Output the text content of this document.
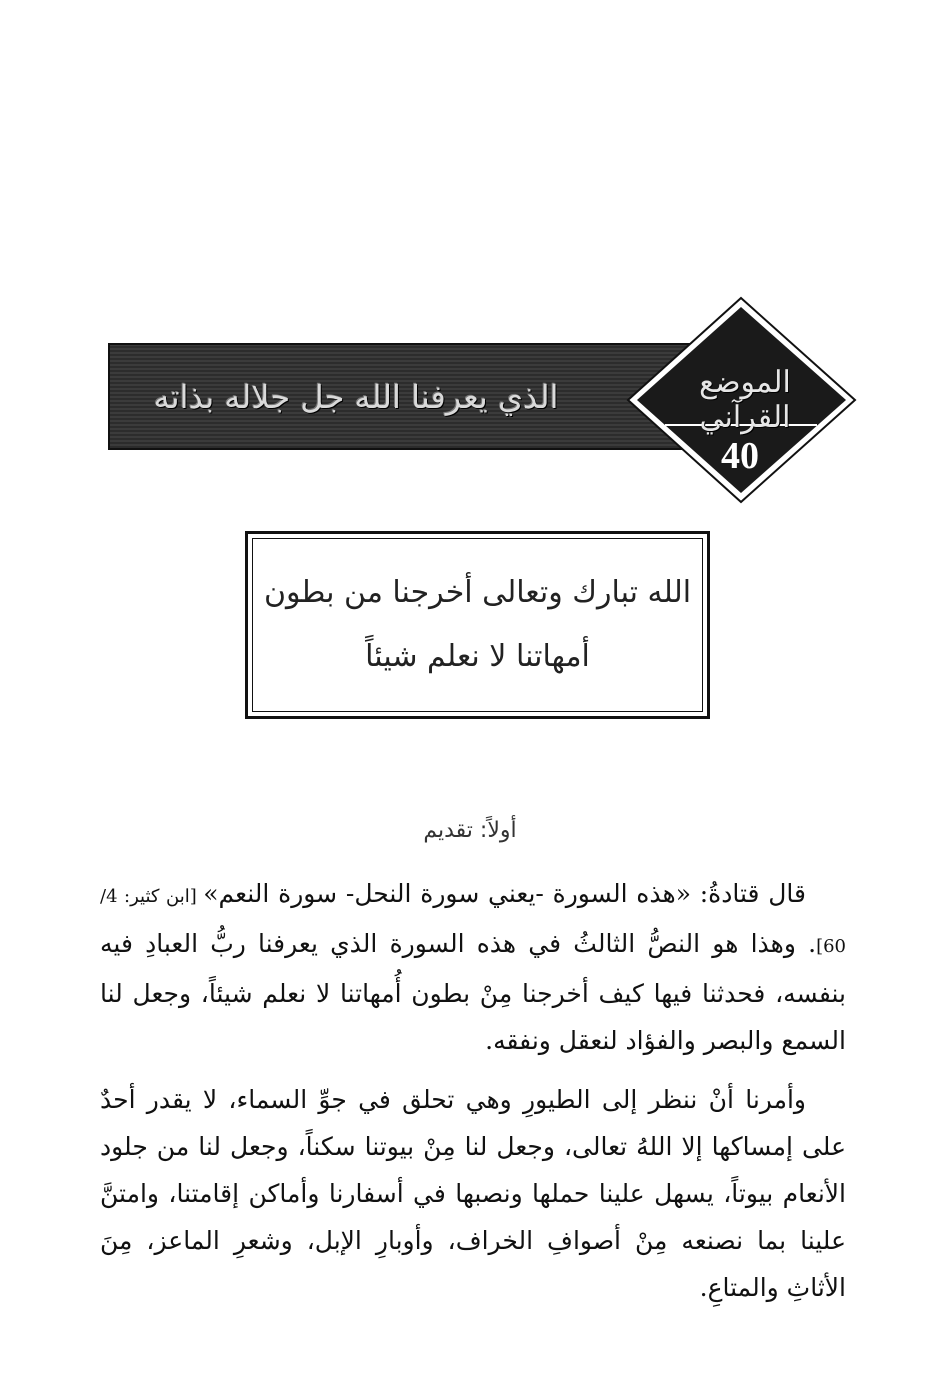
الذي يعرفنا الله جل جلاله بذاته	الموضع القرآني
40
الله تبارك وتعالى أخرجنا من بطون
أمهاتنا لا نعلم شيئاً
أولاً: تقديم

قال قتادةُ: «هذه السورة -يعني سورة النحل- سورة النعم» [ابن كثير: 4/ 60]. وهذا هو النصُّ الثالثُ في هذه السورة الذي يعرفنا ربُّ العبادِ فيه بنفسه، فحدثنا فيها كيف أخرجنا مِنْ بطون أُمهاتنا لا نعلم شيئاً، وجعل لنا السمع والبصر والفؤاد لنعقل ونفقه.

وأمرنا أنْ ننظر إلى الطيورِ وهي تحلق في جوِّ السماء، لا يقدر أحدٌ على إمساكها إلا اللهُ تعالى، وجعل لنا مِنْ بيوتنا سكناً، وجعل لنا من جلود الأنعام بيوتاً، يسهل علينا حملها ونصبها في أسفارنا وأماكن إقامتنا، وامتنَّ علينا بما نصنعه مِنْ أصوافِ الخراف، وأوبارِ الإبل، وشعرِ الماعز، مِنَ الأثاثِ والمتاعِ.
